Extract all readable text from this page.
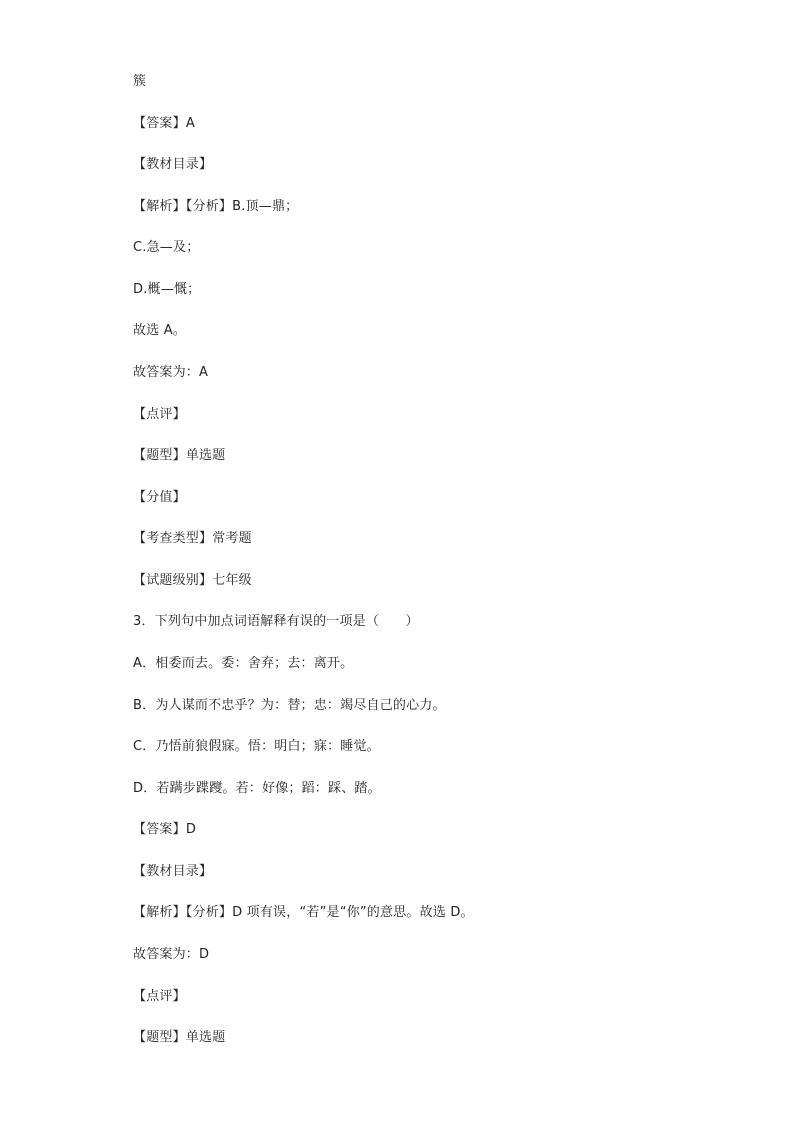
簇
【答案】A
【教材目录】
【解析】【分析】B.顶—鼎；
C.急—及；
D.概—慨；
故选 A。
故答案为：A
【点评】
【题型】单选题
【分值】
【考查类型】常考题
【试题级别】七年级
3．下列句中加点词语解释有误的一项是（　　）
A．相委而去。委：舍弃；去：离开。
B．为人谋而不忠乎？为：替；忠：竭尽自己的心力。
C．乃悟前狼假寐。悟：明白；寐：睡觉。
D．若蹒步蹀躞。若：好像；蹈：踩、踏。
【答案】D
【教材目录】
【解析】【分析】D 项有误，“若”是“你”的意思。故选 D。
故答案为：D
【点评】
【题型】单选题
